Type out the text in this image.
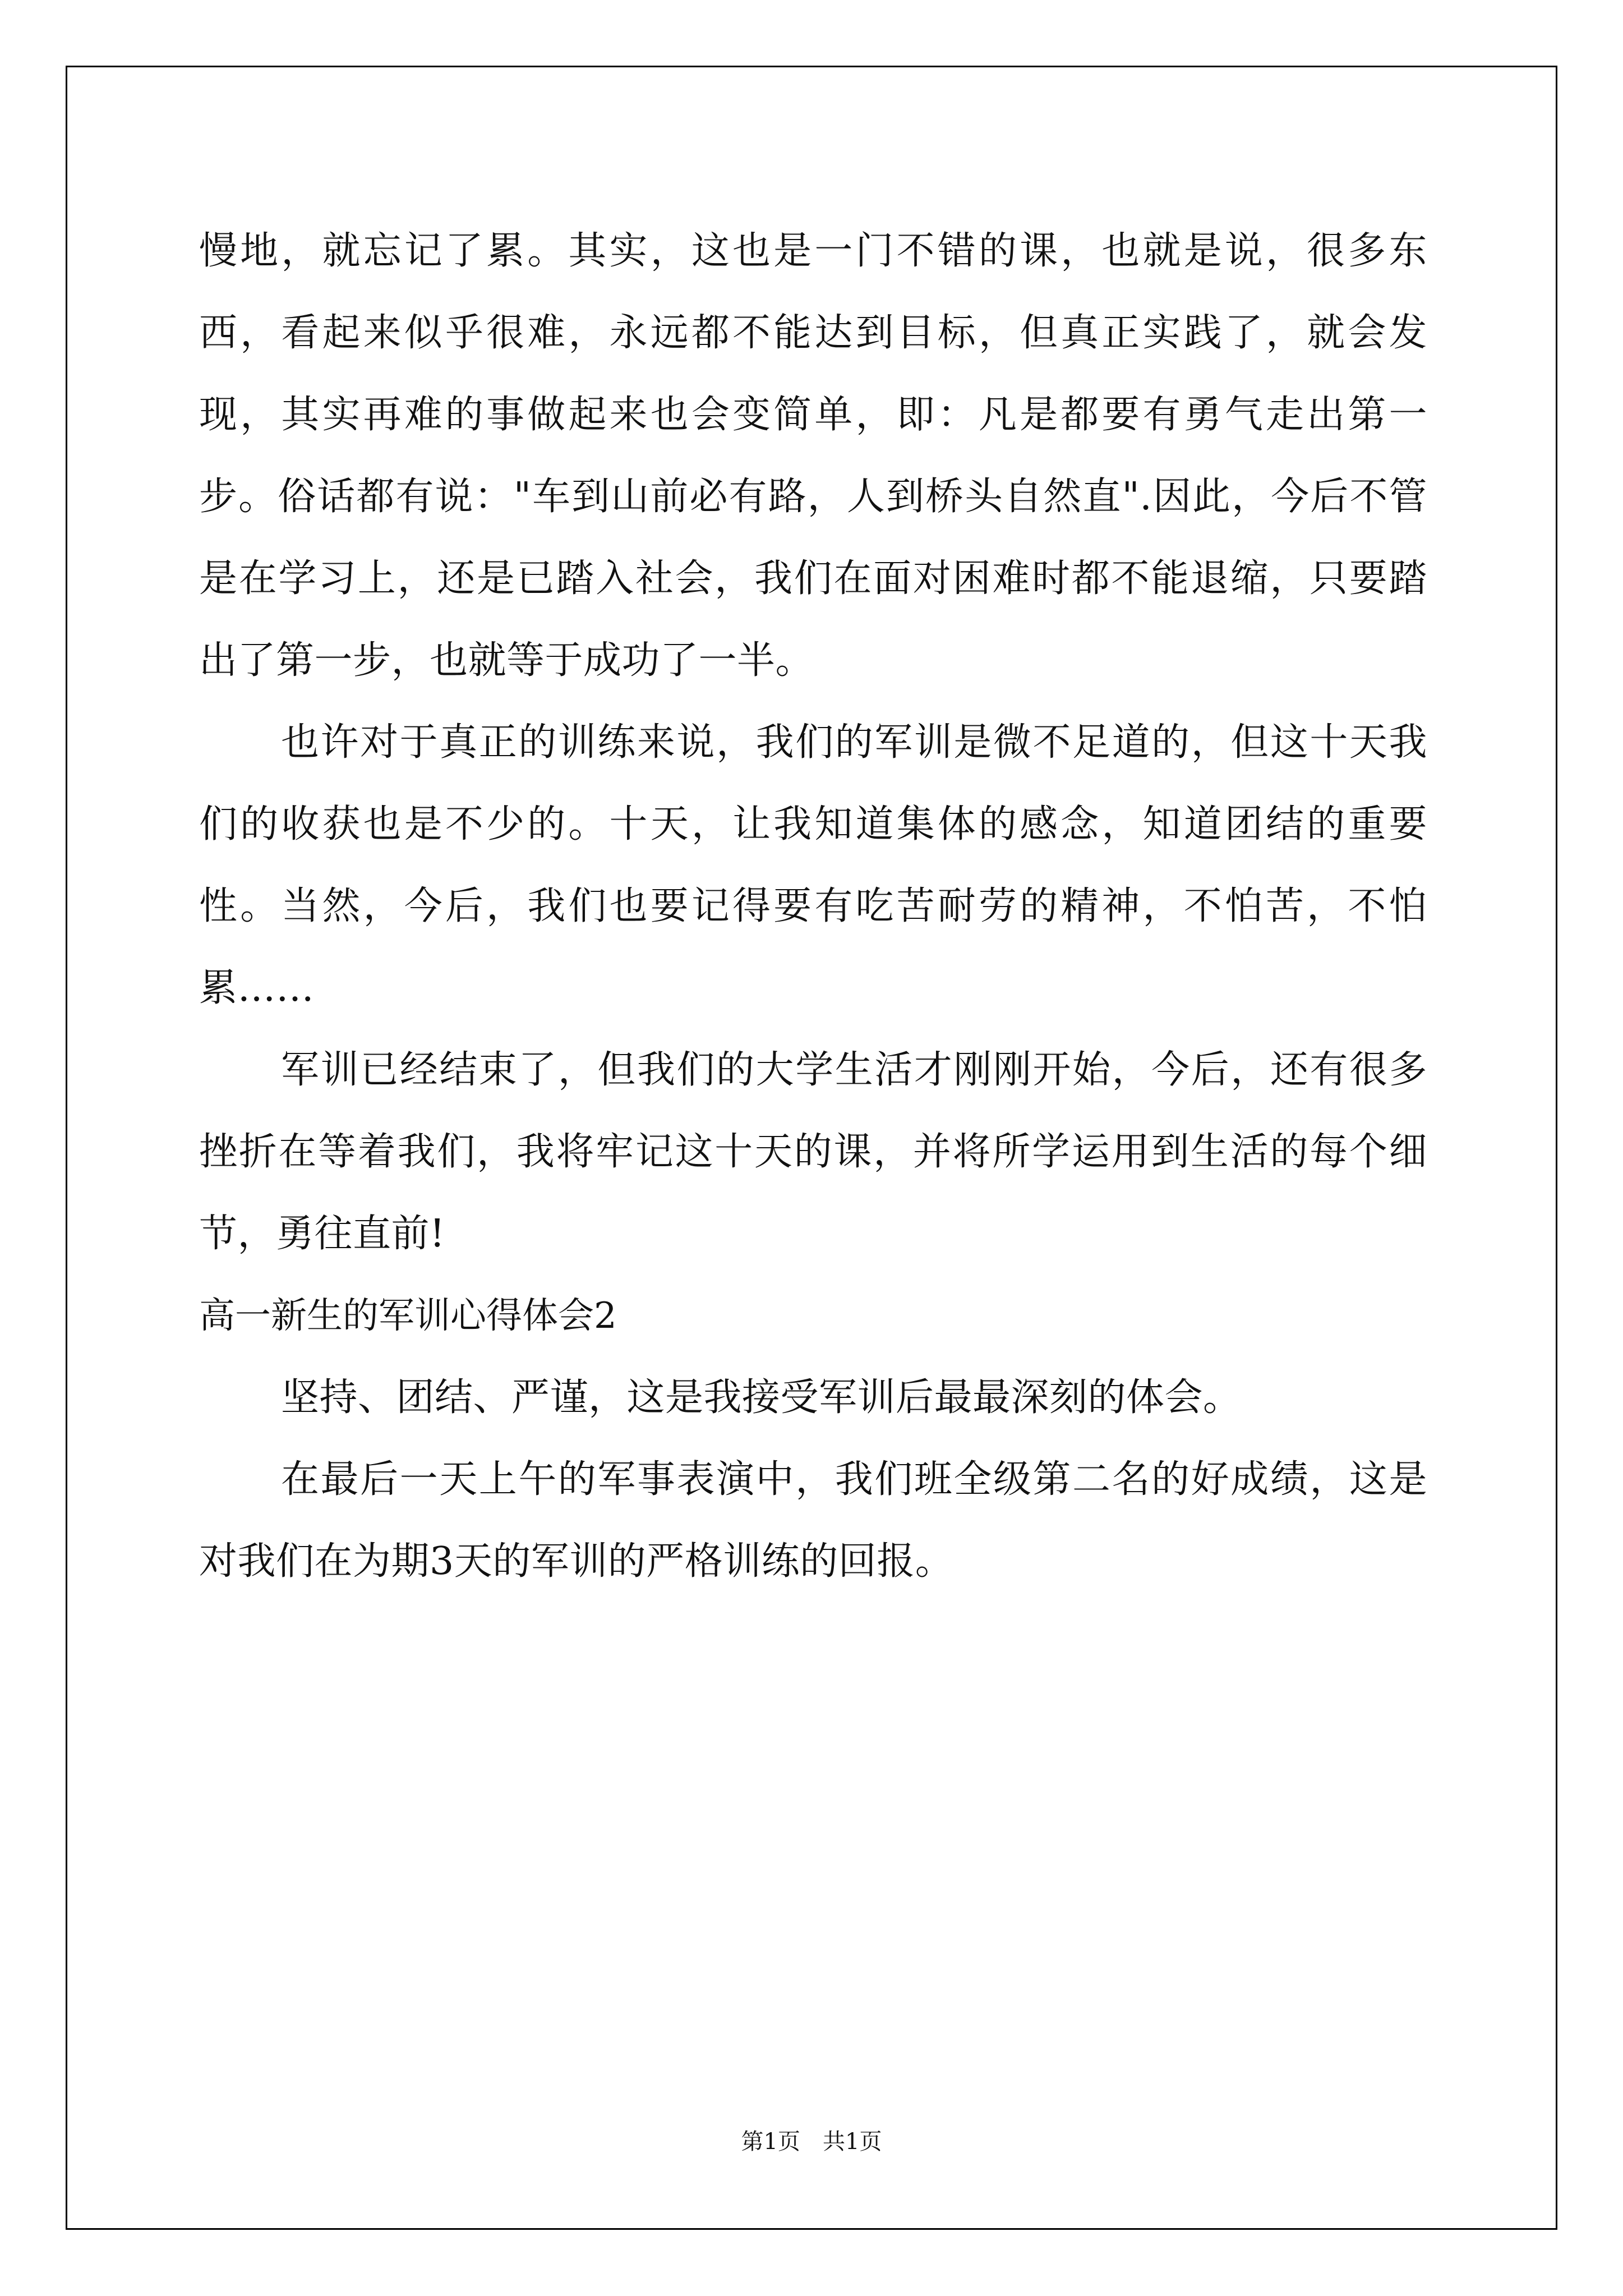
慢地，就忘记了累。其实，这也是一门不错的课，也就是说，很多东西，看起来似乎很难，永远都不能达到目标，但真正实践了，就会发现，其实再难的事做起来也会变简单，即：凡是都要有勇气走出第一步。俗话都有说："车到山前必有路，人到桥头自然直".因此，今后不管是在学习上，还是已踏入社会，我们在面对困难时都不能退缩，只要踏出了第一步，也就等于成功了一半。

也许对于真正的训练来说，我们的军训是微不足道的，但这十天我们的收获也是不少的。十天，让我知道集体的感念，知道团结的重要性。当然，今后，我们也要记得要有吃苦耐劳的精神，不怕苦，不怕累……

军训已经结束了，但我们的大学生活才刚刚开始，今后，还有很多挫折在等着我们，我将牢记这十天的课，并将所学运用到生活的每个细节，勇往直前!

高一新生的军训心得体会2

坚持、团结、严谨，这是我接受军训后最最深刻的体会。

在最后一天上午的军事表演中，我们班全级第二名的好成绩，这是对我们在为期3天的军训的严格训练的回报。

第1页 共1页
